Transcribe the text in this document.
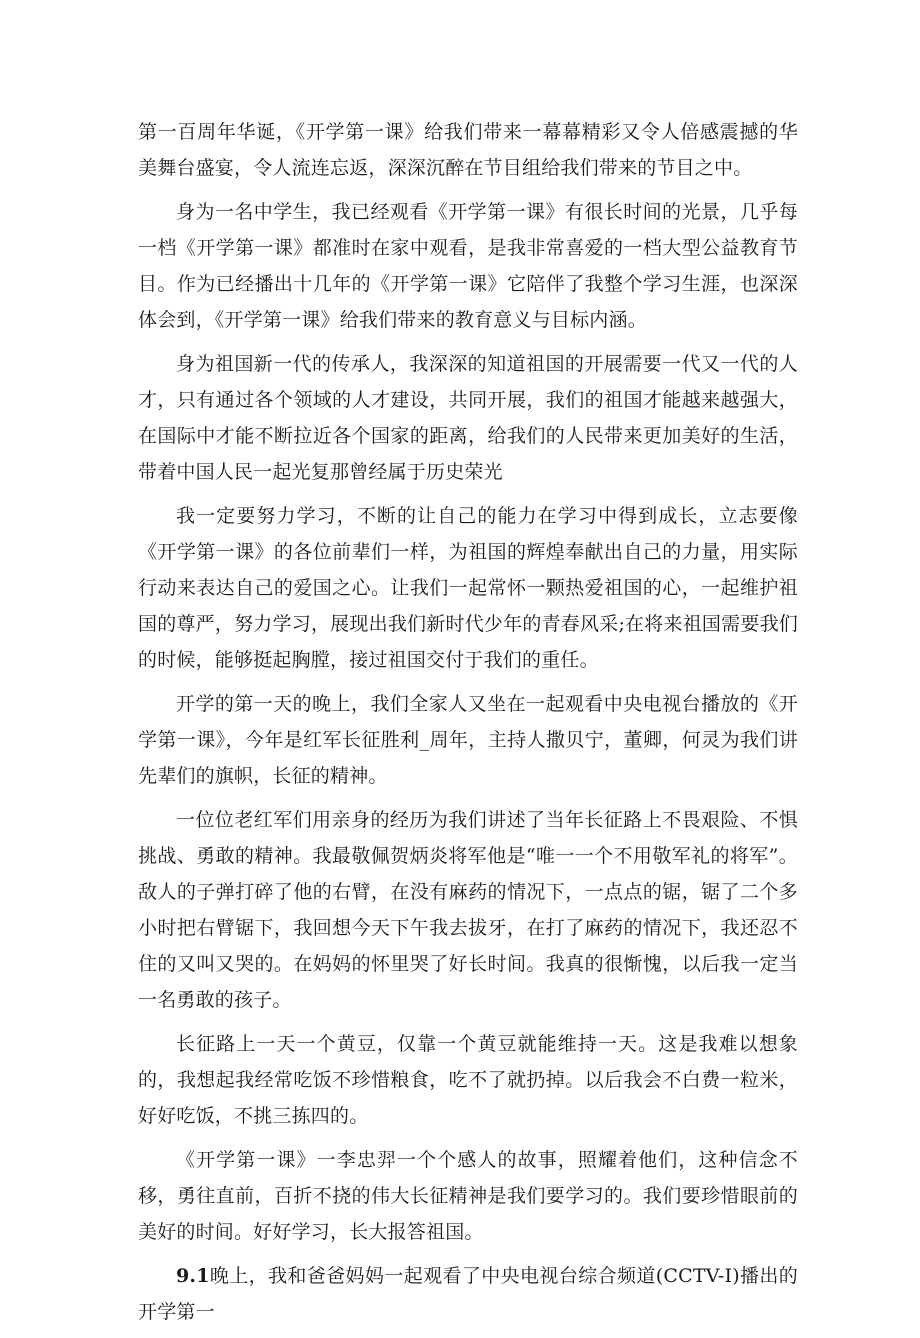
第一百周年华诞，《开学第一课》给我们带来一幕幕精彩又令人倍感震撼的华美舞台盛宴，令人流连忘返，深深沉醉在节目组给我们带来的节目之中。

身为一名中学生，我已经观看《开学第一课》有很长时间的光景，几乎每一档《开学第一课》都准时在家中观看，是我非常喜爱的一档大型公益教育节目。作为已经播出十几年的《开学第一课》它陪伴了我整个学习生涯，也深深体会到，《开学第一课》给我们带来的教育意义与目标内涵。

身为祖国新一代的传承人，我深深的知道祖国的开展需要一代又一代的人才，只有通过各个领域的人才建设，共同开展，我们的祖国才能越来越强大，在国际中才能不断拉近各个国家的距离，给我们的人民带来更加美好的生活，带着中国人民一起光复那曾经属于历史荣光

我一定要努力学习，不断的让自己的能力在学习中得到成长，立志要像《开学第一课》的各位前辈们一样，为祖国的辉煌奉献出自己的力量，用实际行动来表达自己的爱国之心。让我们一起常怀一颗热爱祖国的心，一起维护祖国的尊严，努力学习，展现出我们新时代少年的青春风采;在将来祖国需要我们的时候，能够挺起胸膛，接过祖国交付于我们的重任。

开学的第一天的晚上，我们全家人又坐在一起观看中央电视台播放的《开学第一课》，今年是红军长征胜利_周年，主持人撒贝宁，董卿，何灵为我们讲先辈们的旗帜，长征的精神。

一位位老红军们用亲身的经历为我们讲述了当年长征路上不畏艰险、不惧挑战、勇敢的精神。我最敬佩贺炳炎将军他是“唯一一个不用敬军礼的将军”。敌人的子弹打碎了他的右臂，在没有麻药的情况下，一点点的锯，锯了二个多小时把右臂锯下，我回想今天下午我去拔牙，在打了麻药的情况下，我还忍不住的又叫又哭的。在妈妈的怀里哭了好长时间。我真的很惭愧，以后我一定当一名勇敢的孩子。

长征路上一天一个黄豆，仅靠一个黄豆就能维持一天。这是我难以想象的，我想起我经常吃饭不珍惜粮食，吃不了就扔掉。以后我会不白费一粒米，好好吃饭，不挑三拣四的。

《开学第一课》一李忠羿一个个感人的故事，照耀着他们，这种信念不移，勇往直前，百折不挠的伟大长征精神是我们要学习的。我们要珍惜眼前的美好的时间。好好学习，长大报答祖国。

9.1晚上，我和爸爸妈妈一起观看了中央电视台综合频道(CCTV-I)播出的开学第一
